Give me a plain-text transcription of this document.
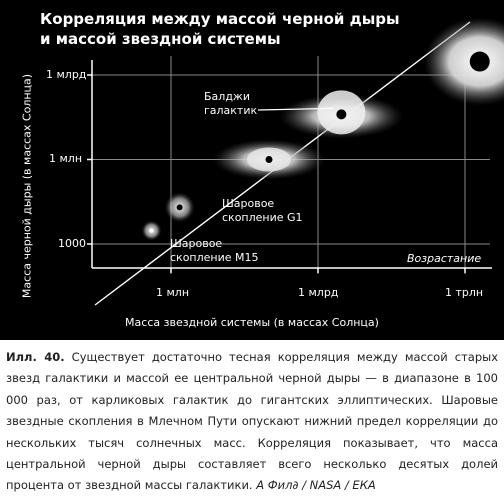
Корреляция между массой черной дыры
и массой звездной системы
Масса черной дыры (в массах Солнца) 1 млрд
1 млн
1000
1 млн	1 млрд	1 трлн
Масса звездной системы (в массах Солнца)
Балджи галактик
Шаровое скопление G1
Шаровое скопление M15	Возрастание
Илл. 40. Существует достаточно тесная корреляция между массой старых звезд галактики и массой ее центральной черной дыры — в диапазоне в 100 000 раз, от карликовых галактик до гигантских эллиптических. Шаровые звездные скопления в Млечном Пути опускают нижний предел корреляции до нескольких тысяч солнечных масс. Корреляция показывает, что масса центральной черной дыры составляет всего несколько десятых долей процента от звездной массы галактики. А Фил∂ / NASA / ЕКА
